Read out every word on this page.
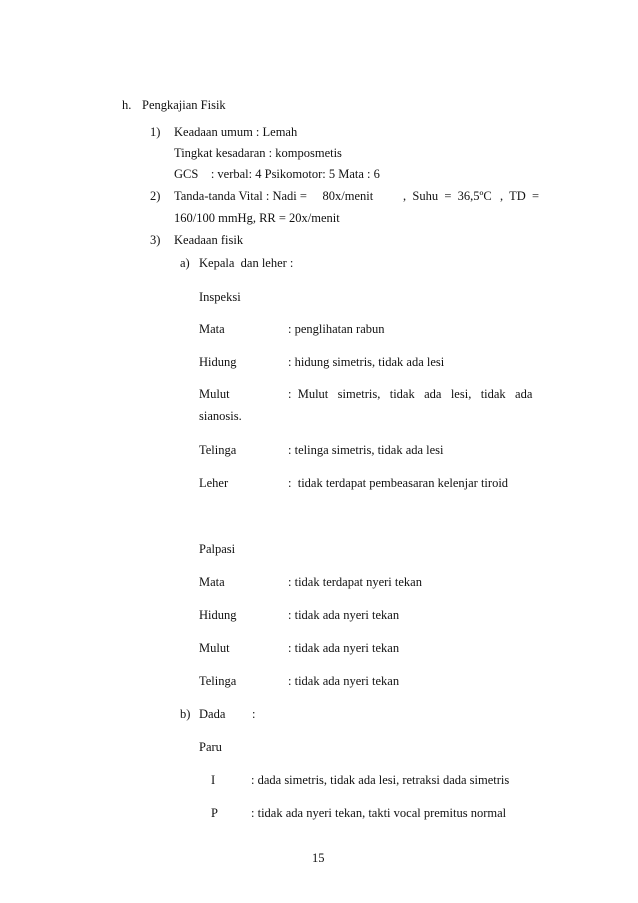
h. Pengkajian Fisik
1) Keadaan umum : Lemah
Tingkat kesadaran : komposmetis
GCS    : verbal: 4 Psikomotor: 5 Mata : 6
2) Tanda-tanda Vital : Nadi =     80x/menit ,  Suhu  =  36,5ºC ,  TD  =
160/100 mmHg, RR = 20x/menit
3) Keadaan fisik
a) Kepala  dan leher :
Inspeksi
Mata	: penglihatan rabun
Hidung	: hidung simetris, tidak ada lesi
Mulut	:  Mulut   simetris,   tidak   ada   lesi,   tidak   ada
sianosis.
Telinga	: telinga simetris, tidak ada lesi
Leher	:  tidak terdapat pembeasaran kelenjar tiroid
Palpasi
Mata	: tidak terdapat nyeri tekan
Hidung	: tidak ada nyeri tekan
Mulut	: tidak ada nyeri tekan
Telinga	: tidak ada nyeri tekan
b) Dada :
Paru
I	: dada simetris, tidak ada lesi, retraksi dada simetris
P	: tidak ada nyeri tekan, takti vocal premitus normal
15
